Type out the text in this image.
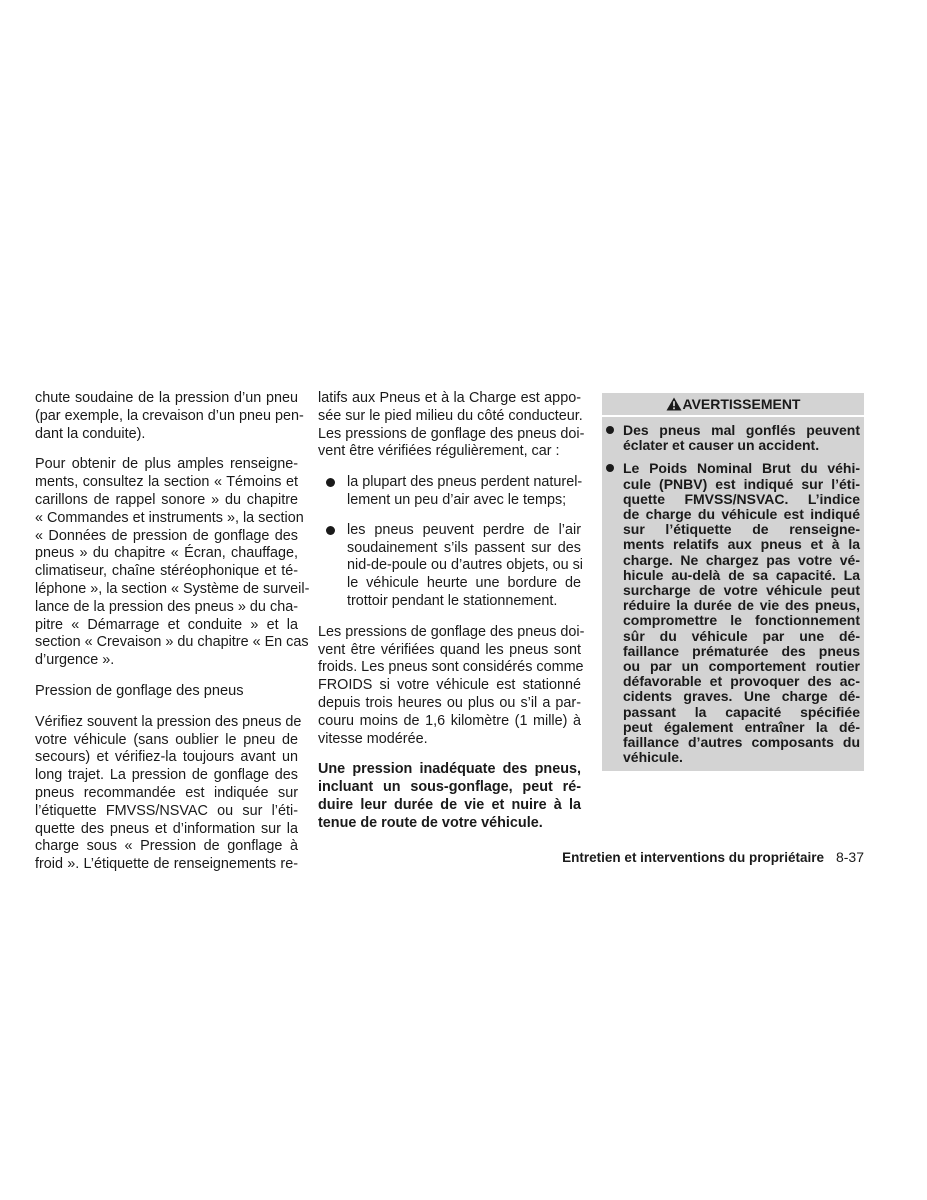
chute soudaine de la pression d’un pneu
(par exemple, la crevaison d’un pneu pen-
dant la conduite).
Pour obtenir de plus amples renseigne-
ments, consultez la section « Témoins et
carillons de rappel sonore » du chapitre
« Commandes et instruments », la section
« Données de pression de gonflage des
pneus » du chapitre « Écran, chauffage,
climatiseur, chaîne stéréophonique et té-
léphone », la section « Système de surveil-
lance de la pression des pneus » du cha-
pitre « Démarrage et conduite » et la
section « Crevaison » du chapitre « En cas
d’urgence ».
Pression de gonflage des pneus
Vérifiez souvent la pression des pneus de
votre véhicule (sans oublier le pneu de
secours) et vérifiez-la toujours avant un
long trajet. La pression de gonflage des
pneus recommandée est indiquée sur
l’étiquette FMVSS/NSVAC ou sur l’éti-
quette des pneus et d’information sur la
charge sous « Pression de gonflage à
froid ». L’étiquette de renseignements re-
latifs aux Pneus et à la Charge est appo-
sée sur le pied milieu du côté conducteur.
Les pressions de gonflage des pneus doi-
vent être vérifiées régulièrement, car :
la plupart des pneus perdent naturel-
lement un peu d’air avec le temps;
les pneus peuvent perdre de l’air
soudainement s’ils passent sur des
nid-de-poule ou d’autres objets, ou si
le véhicule heurte une bordure de
trottoir pendant le stationnement.
Les pressions de gonflage des pneus doi-
vent être vérifiées quand les pneus sont
froids. Les pneus sont considérés comme
FROIDS si votre véhicule est stationné
depuis trois heures ou plus ou s’il a par-
couru moins de 1,6 kilomètre (1 mille) à
vitesse modérée.
Une pression inadéquate des pneus,
incluant un sous-gonflage, peut ré-
duire leur durée de vie et nuire à la
tenue de route de votre véhicule.
AVERTISSEMENT
Des pneus mal gonflés peuvent
éclater et causer un accident.
Le Poids Nominal Brut du véhi-
cule (PNBV) est indiqué sur l’éti-
quette FMVSS/NSVAC. L’indice
de charge du véhicule est indiqué
sur l’étiquette de renseigne-
ments relatifs aux pneus et à la
charge. Ne chargez pas votre vé-
hicule au-delà de sa capacité. La
surcharge de votre véhicule peut
réduire la durée de vie des pneus,
compromettre le fonctionnement
sûr du véhicule par une dé-
faillance prématurée des pneus
ou par un comportement routier
défavorable et provoquer des ac-
cidents graves. Une charge dé-
passant la capacité spécifiée
peut également entraîner la dé-
faillance d’autres composants du
véhicule.
Entretien et interventions du propriétaire 8-37
